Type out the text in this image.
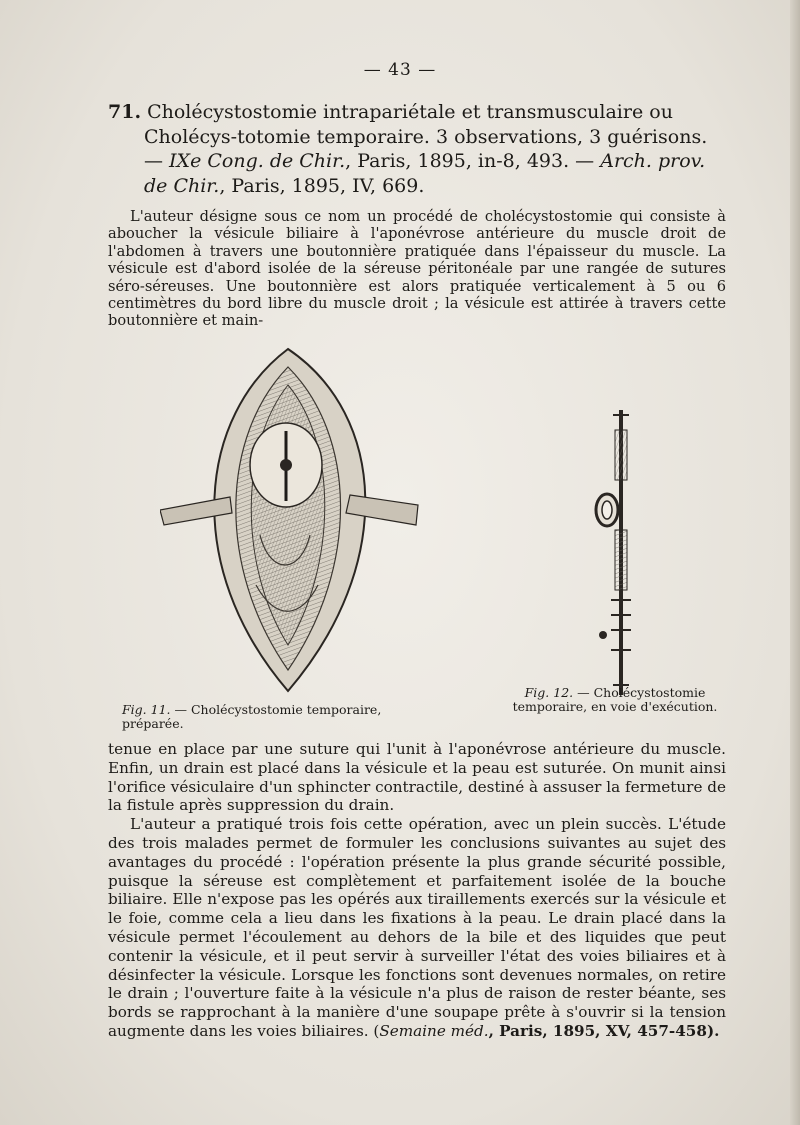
— 43 —
71. Cholécystostomie intrapariétale et transmusculaire ou Cholécys-totomie temporaire. 3 observations, 3 guérisons. — IXe Cong. de Chir., Paris, 1895, in-8, 493. — Arch. prov. de Chir., Paris, 1895, IV, 669.

L'auteur désigne sous ce nom un procédé de cholécystostomie qui consiste à aboucher la vésicule biliaire à l'aponévrose antérieure du muscle droit de l'abdomen à travers une boutonnière pratiquée dans l'épaisseur du muscle. La vésicule est d'abord isolée de la séreuse péritonéale par une rangée de sutures séro-séreuses. Une boutonnière est alors pratiquée verticalement à 5 ou 6 centimètres du bord libre du muscle droit ; la vésicule est attirée à travers cette boutonnière et main-

Fig. 11. — Cholécystostomie temporaire, préparée.
Fig. 12. — Cholécystostomie temporaire, en voie d'exécution.

tenue en place par une suture qui l'unit à l'aponévrose antérieure du muscle. Enfin, un drain est placé dans la vésicule et la peau est suturée. On munit ainsi l'orifice vésiculaire d'un sphincter contractile, destiné à assuser la fermeture de la fistule après suppression du drain.

L'auteur a pratiqué trois fois cette opération, avec un plein succès. L'étude des trois malades permet de formuler les conclusions suivantes au sujet des avantages du procédé : l'opération présente la plus grande sécurité possible, puisque la séreuse est complètement et parfaitement isolée de la bouche biliaire. Elle n'expose pas les opérés aux tiraillements exercés sur la vésicule et le foie, comme cela a lieu dans les fixations à la peau. Le drain placé dans la vésicule permet l'écoulement au dehors de la bile et des liquides que peut contenir la vésicule, et il peut servir à surveiller l'état des voies biliaires et à désinfecter la vésicule. Lorsque les fonctions sont devenues normales, on retire le drain ; l'ouverture faite à la vésicule n'a plus de raison de rester béante, ses bords se rapprochant à la manière d'une soupape prête à s'ouvrir si la tension augmente dans les voies biliaires. (Semaine méd., Paris, 1895, XV, 457-458).
